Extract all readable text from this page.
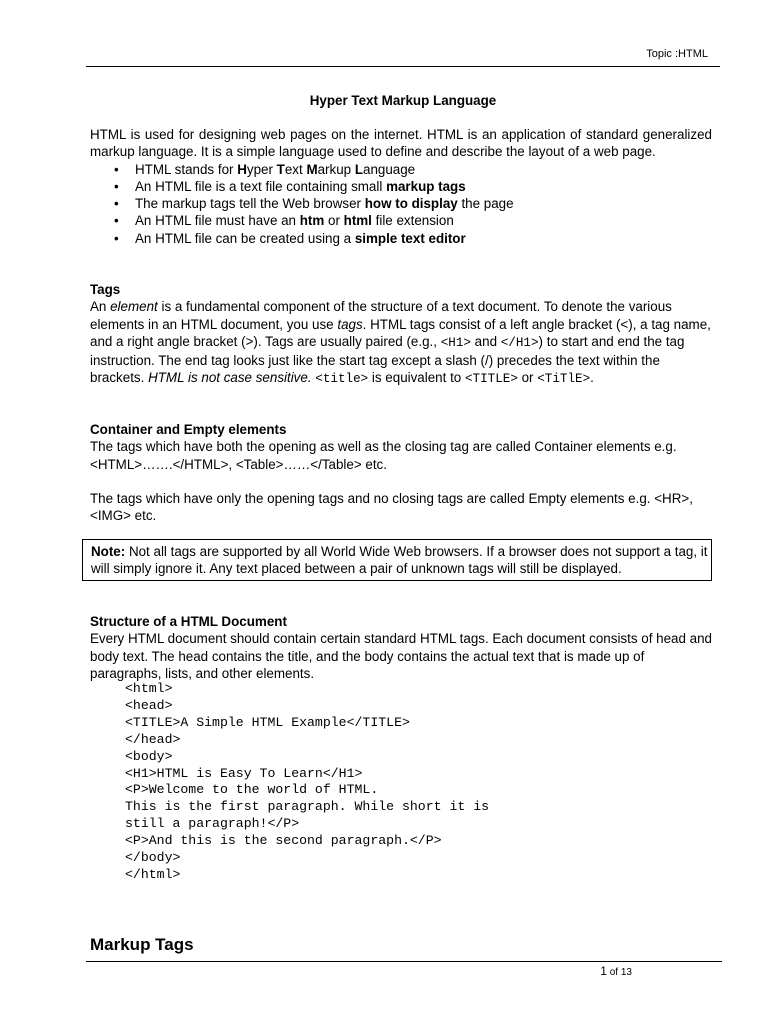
Topic :HTML
Hyper Text Markup Language

HTML is used for designing web pages on the internet. HTML is an application of standard generalized markup language. It is a simple language used to define and describe the layout of a web page.

• HTML stands for Hyper Text Markup Language
• An HTML file is a text file containing small markup tags
• The markup tags tell the Web browser how to display the page
• An HTML file must have an htm or html file extension
• An HTML file can be created using a simple text editor
Tags

An element is a fundamental component of the structure of a text document. To denote the various elements in an HTML document, you use tags. HTML tags consist of a left angle bracket (<), a tag name, and a right angle bracket (>). Tags are usually paired (e.g., <H1> and </H1>) to start and end the tag instruction. The end tag looks just like the start tag except a slash (/) precedes the text within the brackets. HTML is not case sensitive. <title> is equivalent to <TITLE> or <TiTlE>.

Container and Empty elements

The tags which have both the opening as well as the closing tag are called Container elements e.g. <HTML>…….</HTML>, <Table>……</Table> etc.

The tags which have only the opening tags and no closing tags are called Empty elements e.g. <HR>, <IMG> etc.

Note: Not all tags are supported by all World Wide Web browsers. If a browser does not support a tag, it will simply ignore it. Any text placed between a pair of unknown tags will still be displayed.

Structure of a HTML Document

Every HTML document should contain certain standard HTML tags. Each document consists of head and body text. The head contains the title, and the body contains the actual text that is made up of paragraphs, lists, and other elements.

<html>
<head>
<TITLE>A Simple HTML Example</TITLE>
</head>
<body>
<H1>HTML is Easy To Learn</H1>
<P>Welcome to the world of HTML.
This is the first paragraph. While short it is
still a paragraph!</P>
<P>And this is the second paragraph.</P>
</body>
</html>
Markup Tags
1 of 13
